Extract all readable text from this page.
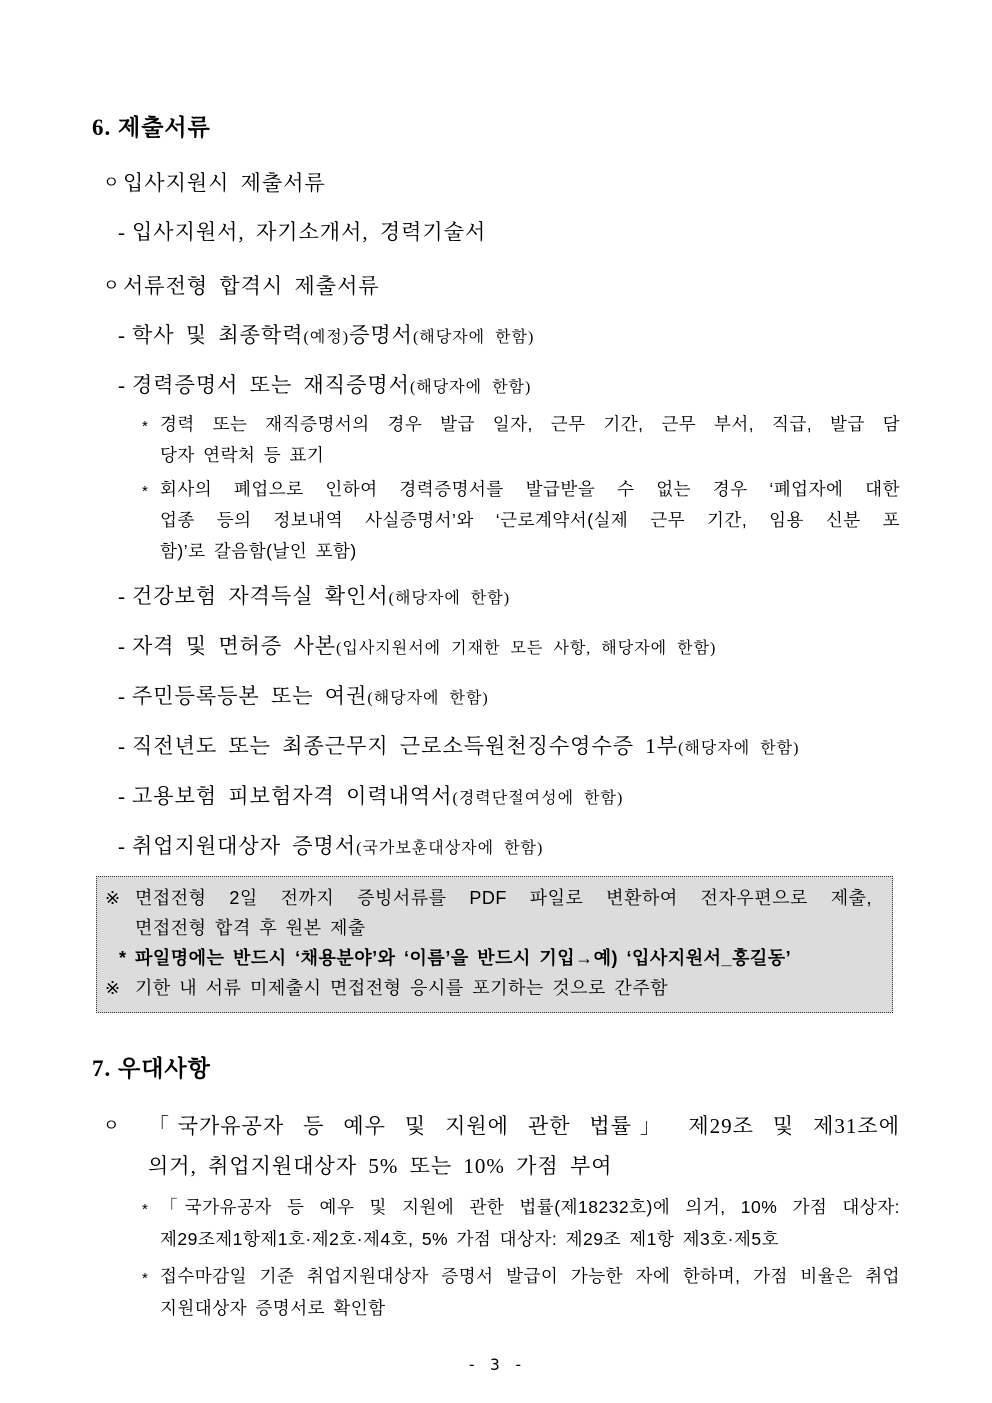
6. 제출서류
ㅇ 입사지원시 제출서류
- 입사지원서, 자기소개서, 경력기술서
ㅇ 서류전형 합격시 제출서류
- 학사 및 최종학력(예정)증명서(해당자에 한함)
- 경력증명서 또는 재직증명서(해당자에 한함)
* 경력 또는 재직증명서의 경우 발급 일자, 근무 기간, 근무 부서, 직급, 발급 담
당자 연락처 등 표기
* 회사의 폐업으로 인하여 경력증명서를 발급받을 수 없는 경우 ‘폐업자에 대한
업종 등의 정보내역 사실증명서’와 ‘근로계약서(실제 근무 기간, 임용 신분 포
함)’로 갈음함(날인 포함)
- 건강보험 자격득실 확인서(해당자에 한함)
- 자격 및 면허증 사본(입사지원서에 기재한 모든 사항, 해당자에 한함)
- 주민등록등본 또는 여권(해당자에 한함)
- 직전년도 또는 최종근무지 근로소득원천징수영수증 1부(해당자에 한함)
- 고용보험 피보험자격 이력내역서(경력단절여성에 한함)
- 취업지원대상자 증명서(국가보훈대상자에 한함)
※ 면접전형 2일 전까지 증빙서류를 PDF 파일로 변환하여 전자우편으로 제출,
면접전형 합격 후 원본 제출
* 파일명에는 반드시 ‘채용분야’와 ‘이름’을 반드시 기입→예) ‘입사지원서_홍길동’
※ 기한 내 서류 미제출시 면접전형 응시를 포기하는 것으로 간주함
7. 우대사항
ㅇ 「국가유공자 등 예우 및 지원에 관한 법률」 제29조 및 제31조에
의거, 취업지원대상자 5% 또는 10% 가점 부여
* 「국가유공자 등 예우 및 지원에 관한 법률(제18232호)에 의거, 10% 가점 대상자:
제29조제1항제1호·제2호·제4호, 5% 가점 대상자: 제29조 제1항 제3호·제5호
* 접수마감일 기준 취업지원대상자 증명서 발급이 가능한 자에 한하며, 가점 비율은 취업
지원대상자 증명서로 확인함
- 3 -
